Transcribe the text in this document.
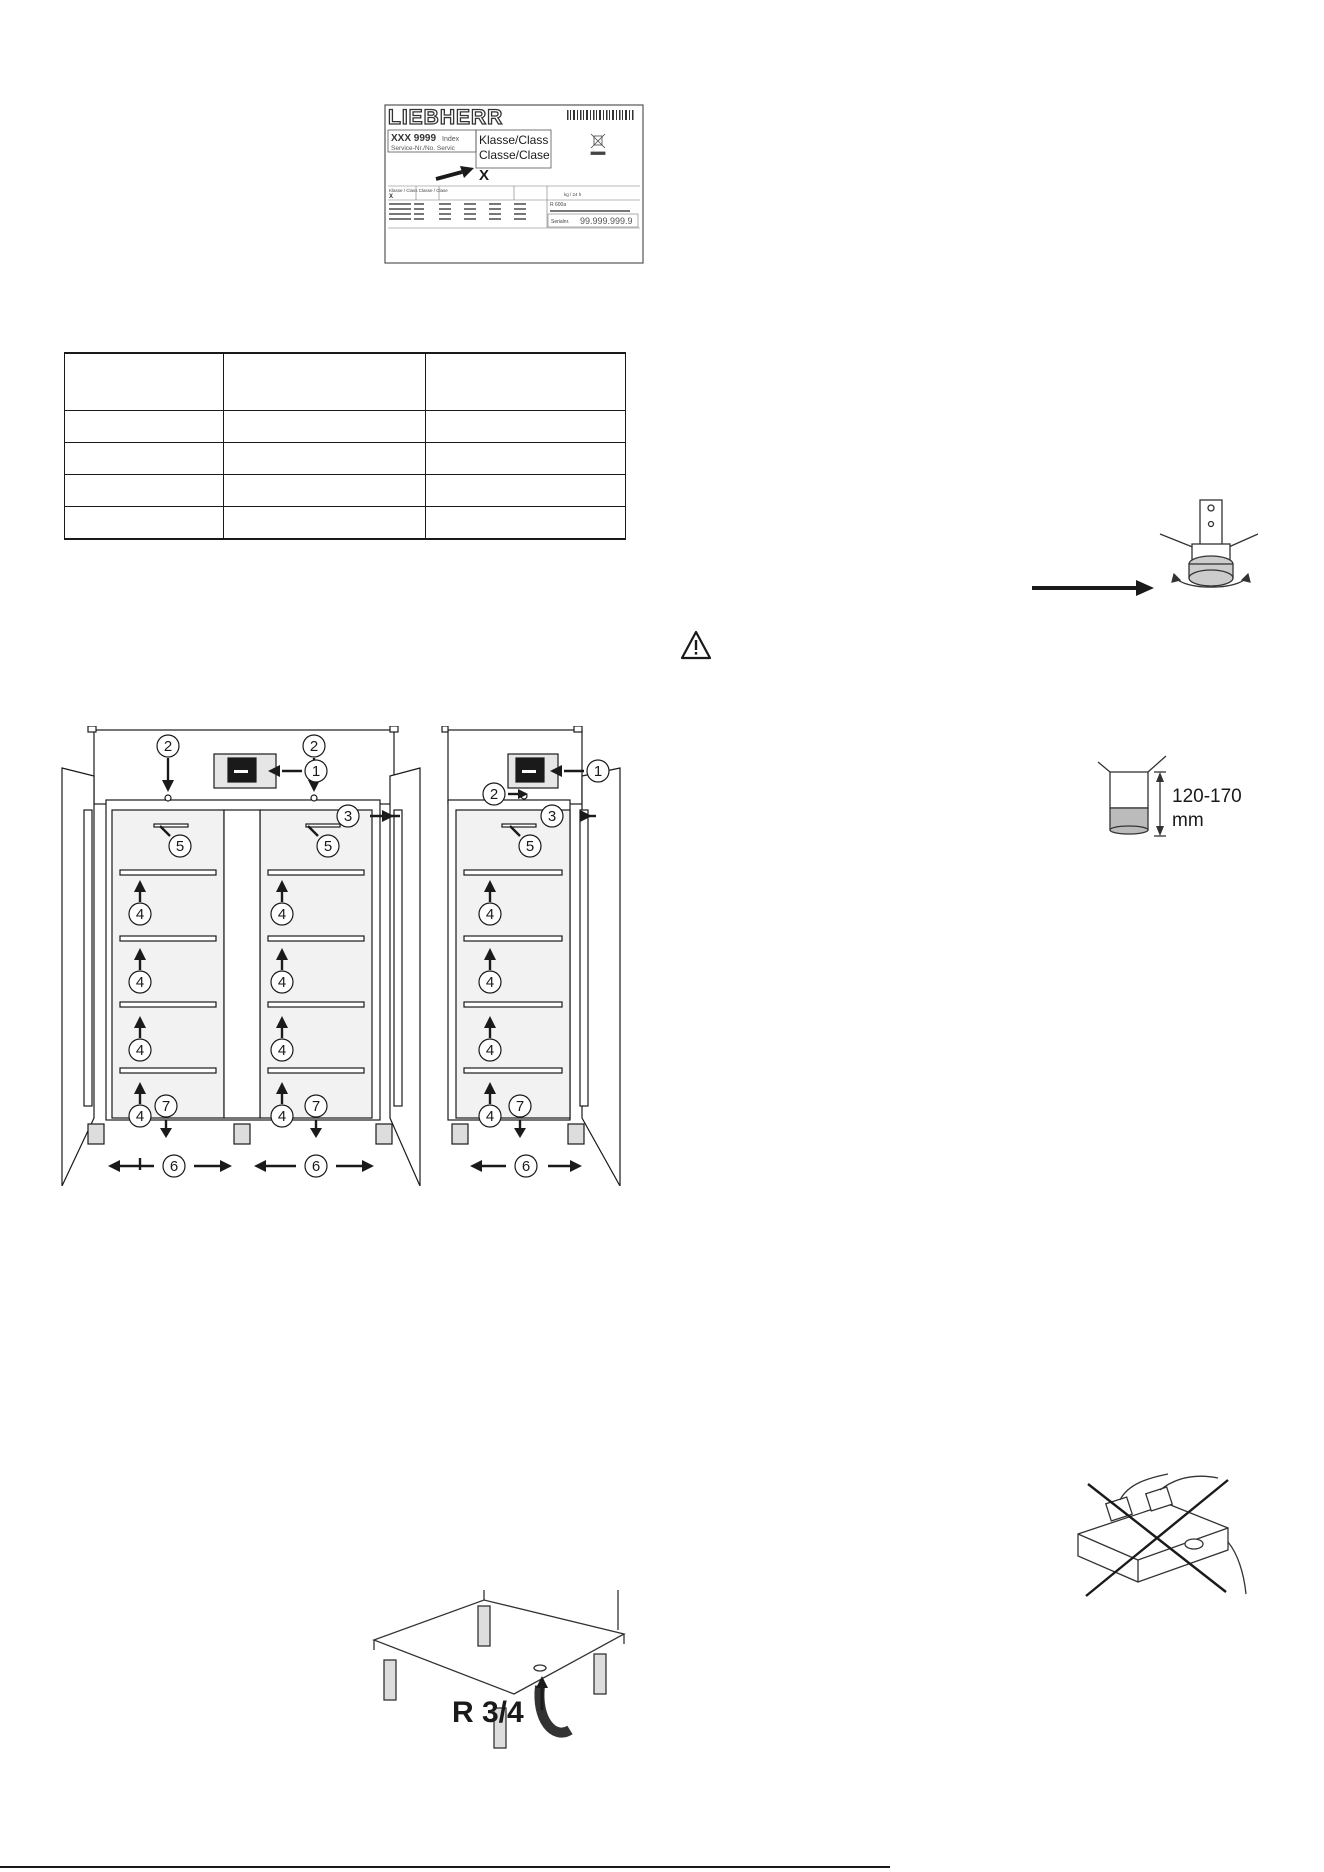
LIEBHERR
XXX 9999 Index
Service-Nr./No. Servic
Klasse/Class
Classe/Clase
X
Klasse / Class Classe / Clase
X	kg / 24 h
R 600a
Serialnr. 99.999.999.9

120-170
mm
1	1
2	2
2
3	3
5	5	5
4
4
4
4
4
4
4
4
4
4
4
4
7	7	7
6	6	6
R 3/4
